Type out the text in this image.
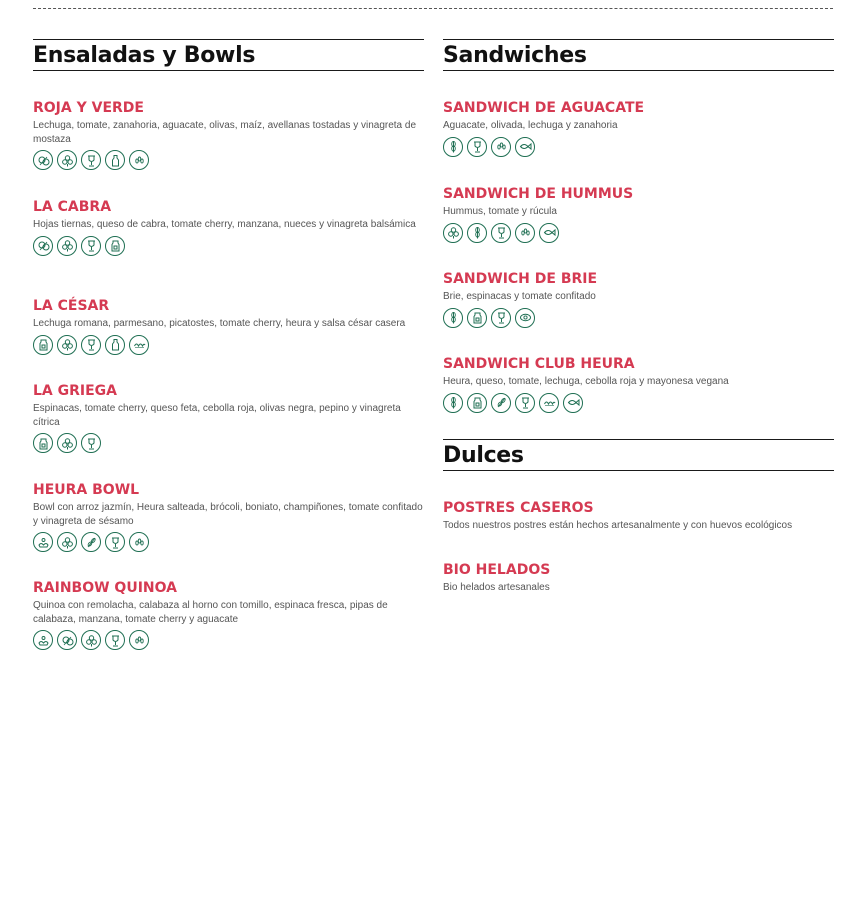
Ensaladas y Bowls
ROJA Y VERDE
Lechuga, tomate, zanahoria, aguacate, olivas, maíz, avellanas tostadas y vinagreta de mostaza
LA CABRA
Hojas tiernas, queso de cabra, tomate cherry, manzana, nueces y vinagreta balsámica
LA CÉSAR
Lechuga romana, parmesano, picatostes, tomate cherry, heura y salsa césar casera
LA GRIEGA
Espinacas, tomate cherry, queso feta, cebolla roja, olivas negra, pepino y vinagreta cítrica
HEURA BOWL
Bowl con arroz jazmín, Heura salteada, brócoli, boniato, champiñones, tomate confitado y vinagreta de sésamo
RAINBOW QUINOA
Quinoa con remolacha, calabaza al horno con tomillo, espinaca fresca, pipas de calabaza, manzana, tomate cherry y aguacate
Sandwiches
SANDWICH DE AGUACATE
Aguacate, olivada, lechuga y zanahoria
SANDWICH DE HUMMUS
Hummus, tomate y rúcula
SANDWICH DE BRIE
Brie, espinacas y tomate confitado
SANDWICH CLUB HEURA
Heura, queso, tomate, lechuga, cebolla roja y mayonesa vegana
Dulces
POSTRES CASEROS
Todos nuestros postres están hechos artesanalmente y con huevos ecológicos
BIO HELADOS
Bio helados artesanales
